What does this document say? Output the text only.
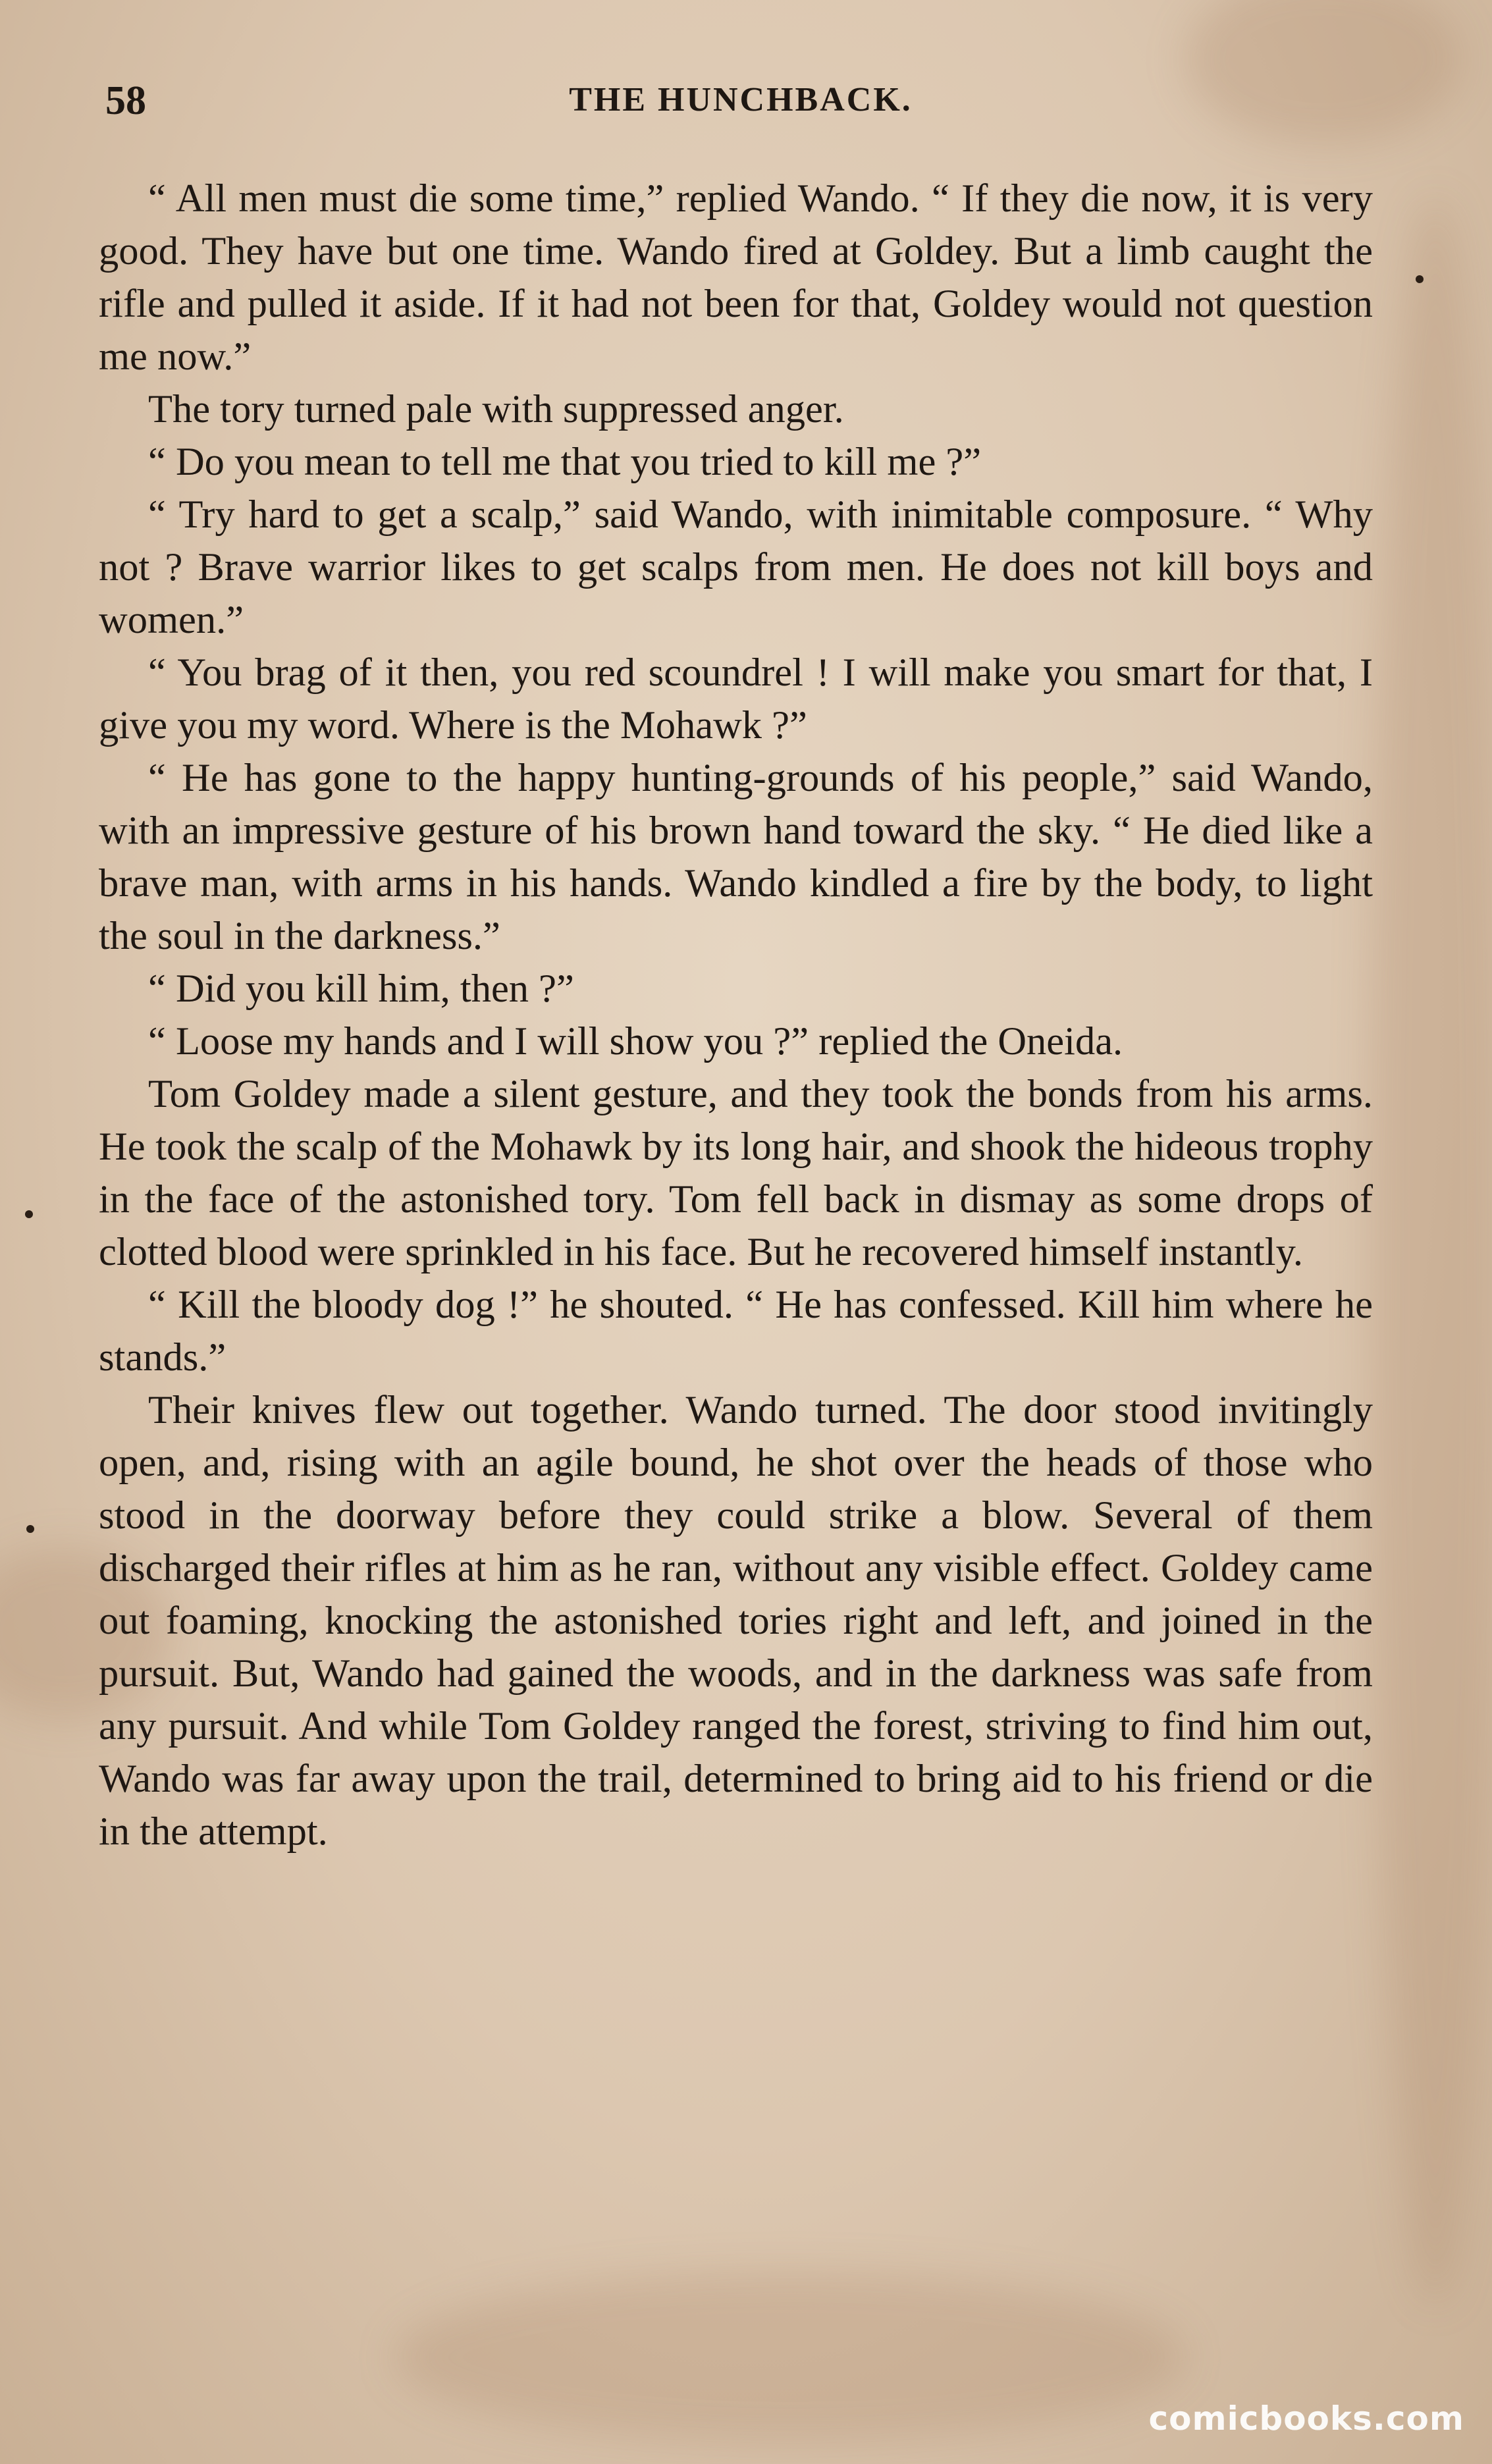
58	THE HUNCHBACK.

“ All men must die some time,” replied Wando. “ If they die now, it is very good. They have but one time. Wando fired at Goldey. But a limb caught the rifle and pulled it aside. If it had not been for that, Goldey would not question me now.”

The tory turned pale with suppressed anger.

“ Do you mean to tell me that you tried to kill me ?”

“ Try hard to get a scalp,” said Wando, with inimitable composure. “ Why not ? Brave warrior likes to get scalps from men. He does not kill boys and women.”

“ You brag of it then, you red scoundrel ! I will make you smart for that, I give you my word. Where is the Mohawk ?”

“ He has gone to the happy hunting-grounds of his people,” said Wando, with an impressive gesture of his brown hand toward the sky. “ He died like a brave man, with arms in his hands. Wando kindled a fire by the body, to light the soul in the darkness.”

“ Did you kill him, then ?”

“ Loose my hands and I will show you ?” replied the Oneida.

Tom Goldey made a silent gesture, and they took the bonds from his arms. He took the scalp of the Mohawk by its long hair, and shook the hideous trophy in the face of the astonished tory. Tom fell back in dismay as some drops of clotted blood were sprinkled in his face. But he recovered himself instantly.

“ Kill the bloody dog !” he shouted. “ He has confessed. Kill him where he stands.”

Their knives flew out together. Wando turned. The door stood invitingly open, and, rising with an agile bound, he shot over the heads of those who stood in the doorway before they could strike a blow. Several of them discharged their rifles at him as he ran, without any visible effect. Goldey came out foaming, knocking the astonished tories right and left, and joined in the pursuit. But, Wando had gained the woods, and in the darkness was safe from any pursuit. And while Tom Goldey ranged the forest, striving to find him out, Wando was far away upon the trail, determined to bring aid to his friend or die in the attempt.

comicbooks.com
